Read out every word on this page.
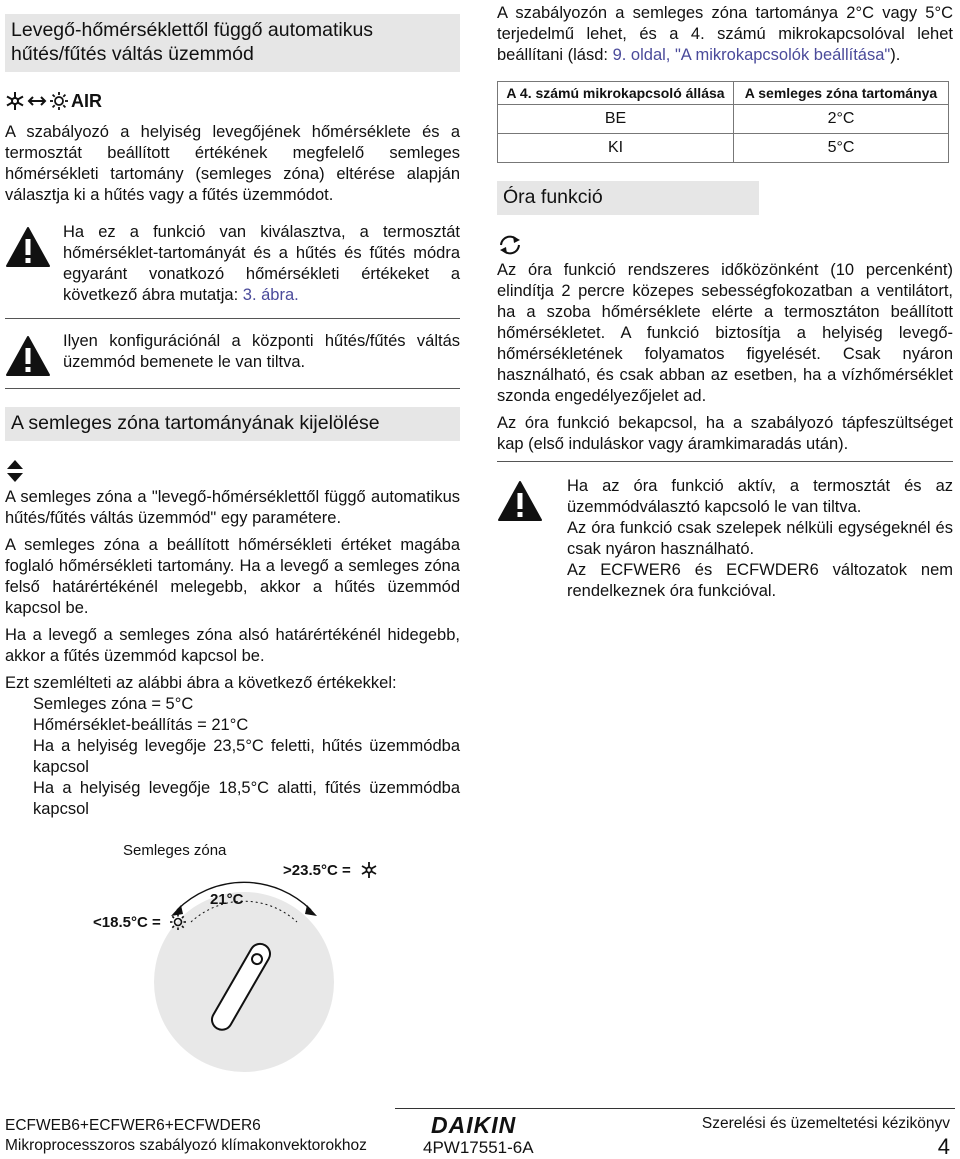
Levegő-hőmérséklettől függő automatikus hűtés/fűtés váltás üzemmód
AIR

A szabályozó a helyiség levegőjének hőmérséklete és a termosztát beállított értékének megfelelő semleges hőmérsékleti tartomány (semleges zóna) eltérése alapján választja ki a hűtés vagy a fűtés üzemmódot.

Ha ez a funkció van kiválasztva, a termosztát hőmérséklet-tartományát és a hűtés és fűtés módra egyaránt vonatkozó hőmérsékleti értékeket a következő ábra mutatja: 3. ábra.

Ilyen konfigurációnál a központi hűtés/fűtés váltás üzemmód bemenete le van tiltva.

A semleges zóna tartományának kijelölése

A semleges zóna a "levegő-hőmérséklettől függő automatikus hűtés/fűtés váltás üzemmód" egy paramétere.

A semleges zóna a beállított hőmérsékleti értéket magába foglaló hőmérsékleti tartomány. Ha a levegő a semleges zóna felső határértékénél melegebb, akkor a hűtés üzemmód kapcsol be.

Ha a levegő a semleges zóna alsó határértékénél hidegebb, akkor a fűtés üzemmód kapcsol be.

Ezt szemlélteti az alábbi ábra a következő értékekkel:

Semleges zóna = 5°C

Hőmérséklet-beállítás = 21°C

Ha a helyiség levegője 23,5°C feletti, hűtés üzemmódba kapcsol

Ha a helyiség levegője 18,5°C alatti, fűtés üzemmódba kapcsol

Semleges zóna
>23.5°C =
<18.5°C =
21°C

A szabályozón a semleges zóna tartománya 2°C vagy 5°C terjedelmű lehet, és a 4. számú mikrokapcsolóval lehet beállítani (lásd: 9. oldal, "A mikrokapcsolók beállítása").

A 4. számú mikrokapcsoló állása	A semleges zóna tartománya
BE	2°C
KI	5°C
Óra funkció

Az óra funkció rendszeres időközönként (10 percenként) elindítja 2 percre közepes sebességfokozatban a ventilátort, ha a szoba hőmérséklete elérte a termosztáton beállított hőmérsékletet. A funkció biztosítja a helyiség levegő-hőmérsékletének folyamatos figyelését. Csak nyáron használható, és csak abban az esetben, ha a vízhőmérséklet szonda engedélyezőjelet ad.

Az óra funkció bekapcsol, ha a szabályozó tápfeszültséget kap (első induláskor vagy áramkimaradás után).

Ha az óra funkció aktív, a termosztát és az üzemmódválasztó kapcsoló le van tiltva.

Az óra funkció csak szelepek nélküli egységeknél és csak nyáron használható.

Az ECFWER6 és ECFWDER6 változatok nem rendelkeznek óra funkcióval.

ECFWEB6+ECFWER6+ECFWDER6
Mikroprocesszoros szabályozó klímakonvektorokhoz
DAIKIN
4PW17551-6A
Szerelési és üzemeltetési kézikönyv
4
